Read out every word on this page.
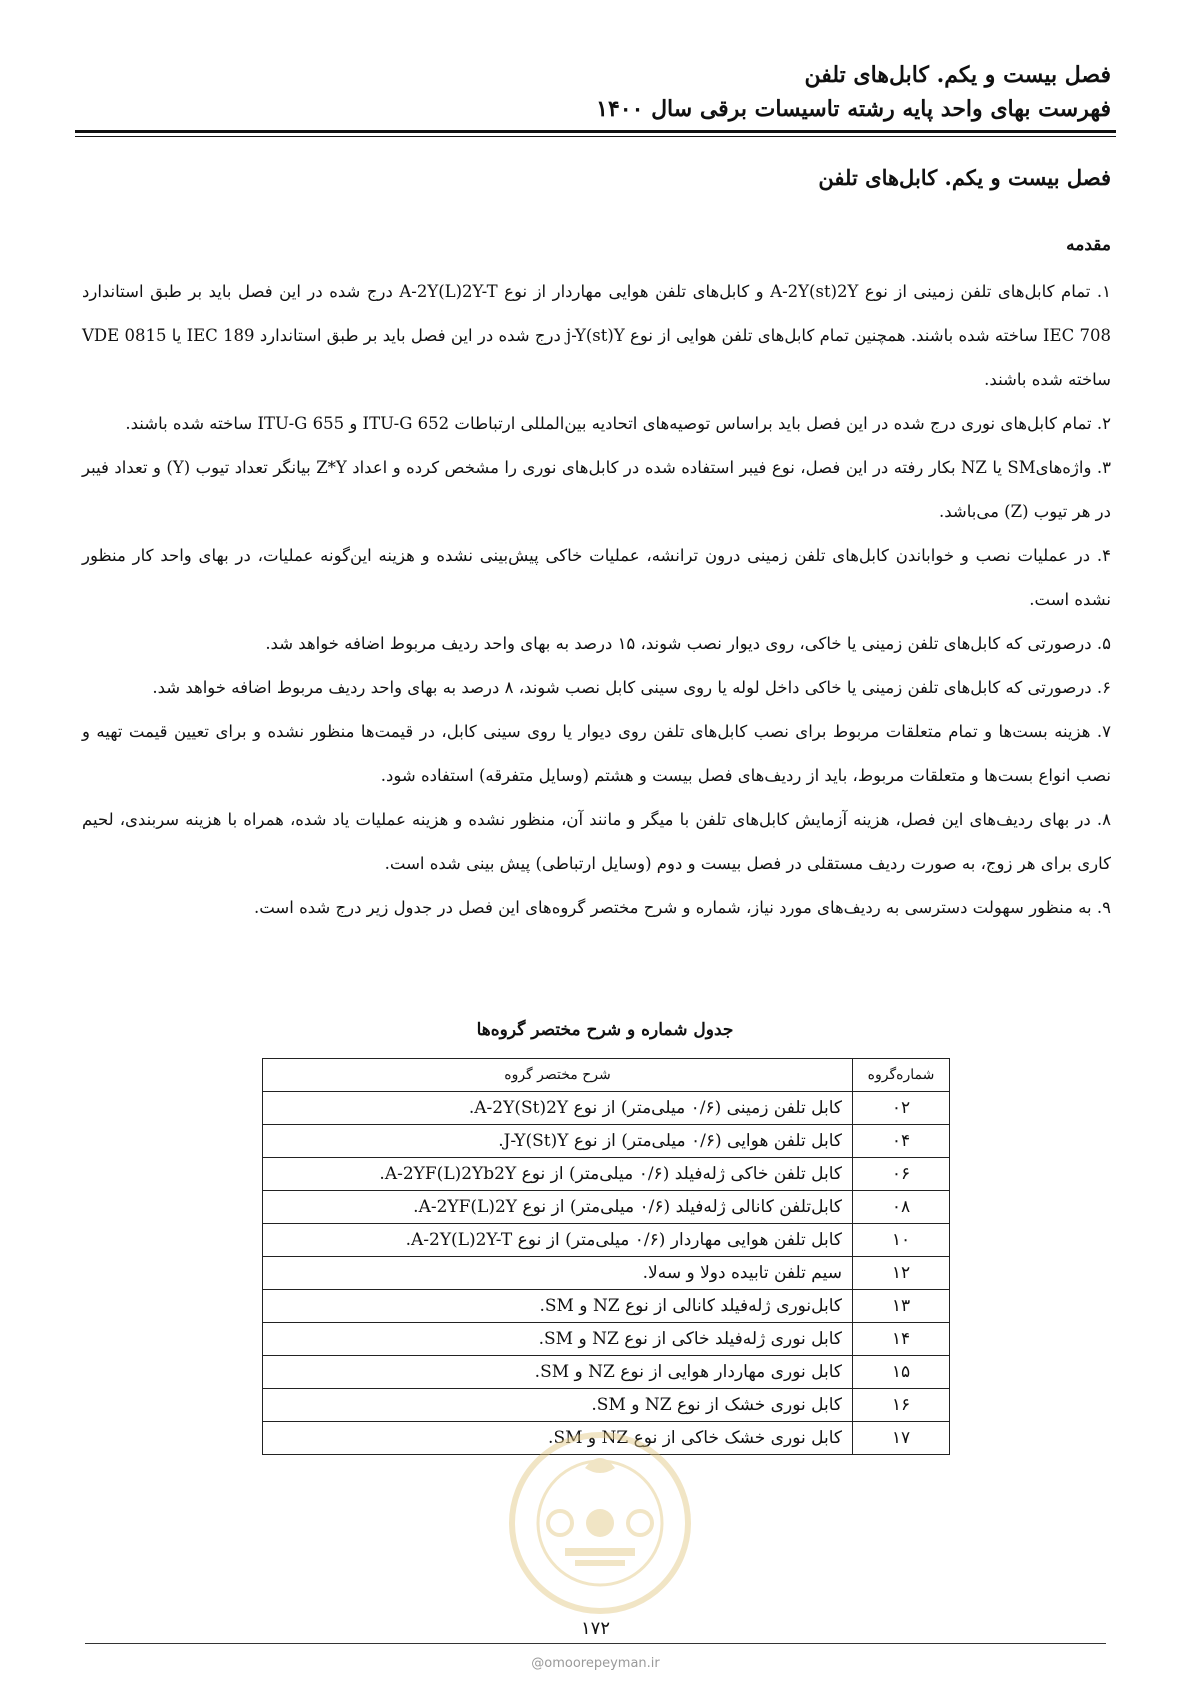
فصل بیست و یکم. کابل‌های تلفن
فهرست بهای واحد پایه رشته تاسیسات برقی سال ۱۴۰۰
فصل بیست و یکم. کابل‌های تلفن
مقدمه

۱. تمام کابل‌های تلفن زمینی از نوع A-2Y(st)2Y و کابل‌های تلفن هوایی مهاردار از نوع A-2Y(L)2Y-T درج شده در این فصل باید بر طبق استاندارد IEC 708 ساخته شده باشند. همچنین تمام کابل‌های تلفن هوایی از نوع j-Y(st)Y درج شده در این فصل باید بر طبق استاندارد IEC 189 یا VDE 0815 ساخته شده باشند.

۲. تمام کابل‌های نوری درج شده در این فصل باید براساس توصیه‌های اتحادیه بین‌المللی ارتباطات ITU-G 652 و ITU-G 655 ساخته شده باشند.

۳. واژه‌هایSM یا NZ بکار رفته در این فصل، نوع فیبر استفاده شده در کابل‌های نوری را مشخص کرده و اعداد Z*Y بیانگر تعداد تیوب (Y) و تعداد فیبر در هر تیوب (Z) می‌باشد.

۴. در عملیات نصب و خواباندن کابل‌های تلفن زمینی درون ترانشه، عملیات خاکی پیش‌بینی نشده و هزینه این‌گونه عملیات، در بهای واحد کار منظور نشده است.

۵. درصورتی که کابل‌های تلفن زمینی یا خاکی، روی دیوار نصب شوند، ۱۵ درصد به بهای واحد ردیف مربوط اضافه خواهد شد.

۶. درصورتی که کابل‌های تلفن زمینی یا خاکی داخل لوله یا روی سینی کابل نصب شوند، ۸ درصد به بهای واحد ردیف مربوط اضافه خواهد شد.

۷. هزینه بست‌ها و تمام متعلقات مربوط برای نصب کابل‌های تلفن روی دیوار یا روی سینی کابل، در قیمت‌ها منظور نشده و برای تعیین قیمت تهیه و نصب انواع بست‌ها و متعلقات مربوط، باید از ردیف‌های فصل بیست و هشتم (وسایل متفرقه) استفاده شود.

۸. در بهای ردیف‌های این فصل، هزینه آزمایش کابل‌های تلفن با میگر و مانند آن، منظور نشده و هزینه عملیات یاد شده، همراه با هزینه سربندی، لحیم کاری برای هر زوج، به صورت ردیف مستقلی در فصل بیست و دوم (وسایل ارتباطی) پیش بینی شده است.

۹. به منظور سهولت دسترسی به ردیف‌های مورد نیاز، شماره و شرح مختصر گروه‌های این فصل در جدول زیر درج شده است.

جدول شماره و شرح مختصر گروه‌ها
شماره‌گروه	شرح مختصر گروه
۰۲	کابل تلفن زمینی (۰/۶ میلی‌متر) از نوع A-2Y(St)2Y.
۰۴	کابل تلفن هوایی (۰/۶ میلی‌متر) از نوع J-Y(St)Y.
۰۶	کابل تلفن خاکی ژله‌فیلد (۰/۶ میلی‌متر) از نوع A-2YF(L)2Yb2Y.
۰۸	کابل‌تلفن کانالی ژله‌فیلد (۰/۶ میلی‌متر) از نوع A-2YF(L)2Y.
۱۰	کابل تلفن هوایی مهاردار (۰/۶ میلی‌متر) از نوع A-2Y(L)2Y-T.
۱۲	سیم تلفن تابیده دولا و سه‌لا.
۱۳	کابل‌نوری ژله‌فیلد کانالی از نوع NZ و SM.
۱۴	کابل نوری ژله‌فیلد خاکی از نوع NZ و SM.
۱۵	کابل نوری مهاردار هوایی از نوع NZ و SM.
۱۶	کابل نوری خشک از نوع NZ و SM.
۱۷	کابل نوری خشک خاکی از نوع NZ و SM.
۱۷۲
@omoorepeyman.ir
